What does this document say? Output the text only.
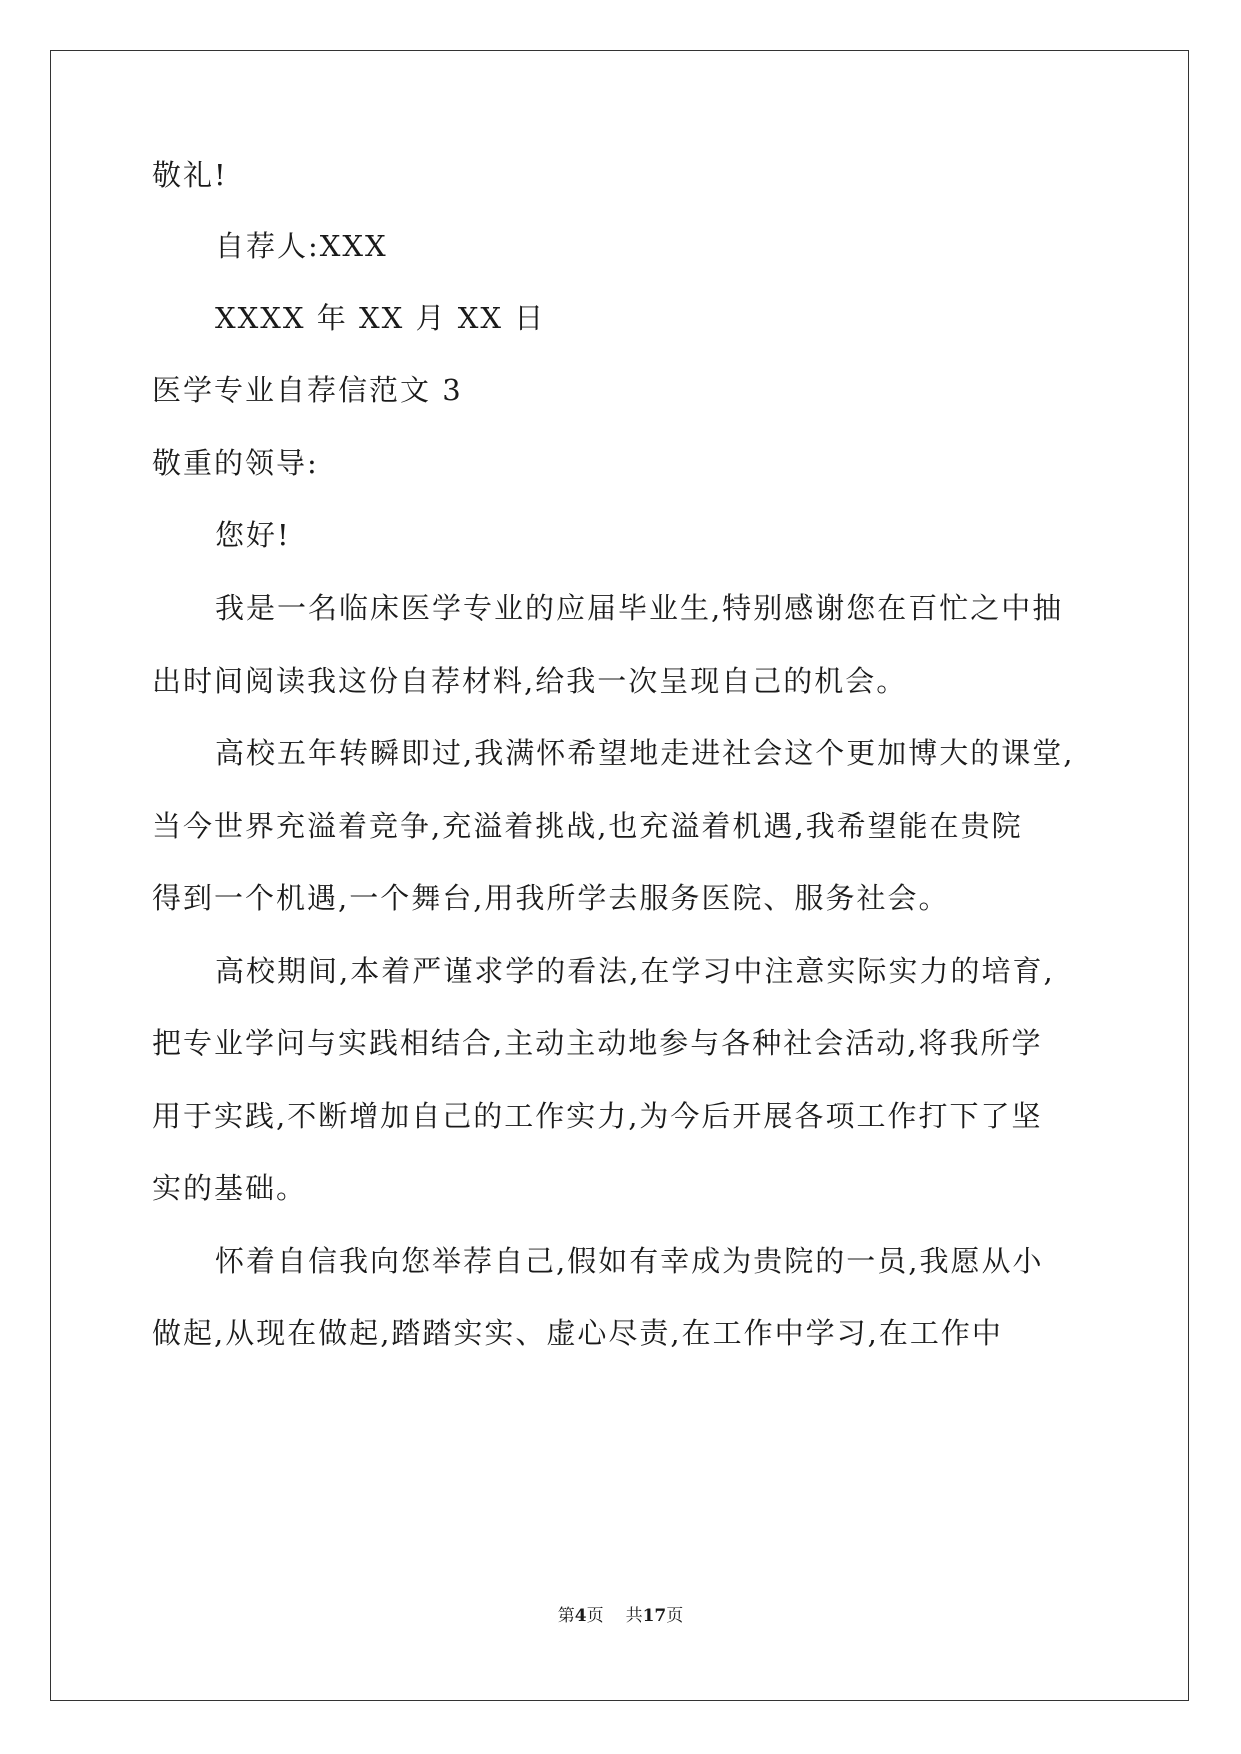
敬礼!
自荐人:XXX
XXXX 年 XX 月 XX 日
医学专业自荐信范文 3
敬重的领导:
您好!
我是一名临床医学专业的应届毕业生,特别感谢您在百忙之中抽
出时间阅读我这份自荐材料,给我一次呈现自己的机会。
高校五年转瞬即过,我满怀希望地走进社会这个更加博大的课堂,
当今世界充溢着竞争,充溢着挑战,也充溢着机遇,我希望能在贵院
得到一个机遇,一个舞台,用我所学去服务医院、服务社会。
高校期间,本着严谨求学的看法,在学习中注意实际实力的培育,
把专业学问与实践相结合,主动主动地参与各种社会活动,将我所学
用于实践,不断增加自己的工作实力,为今后开展各项工作打下了坚
实的基础。
怀着自信我向您举荐自己,假如有幸成为贵院的一员,我愿从小
做起,从现在做起,踏踏实实、虚心尽责,在工作中学习,在工作中
第4页 共17页
